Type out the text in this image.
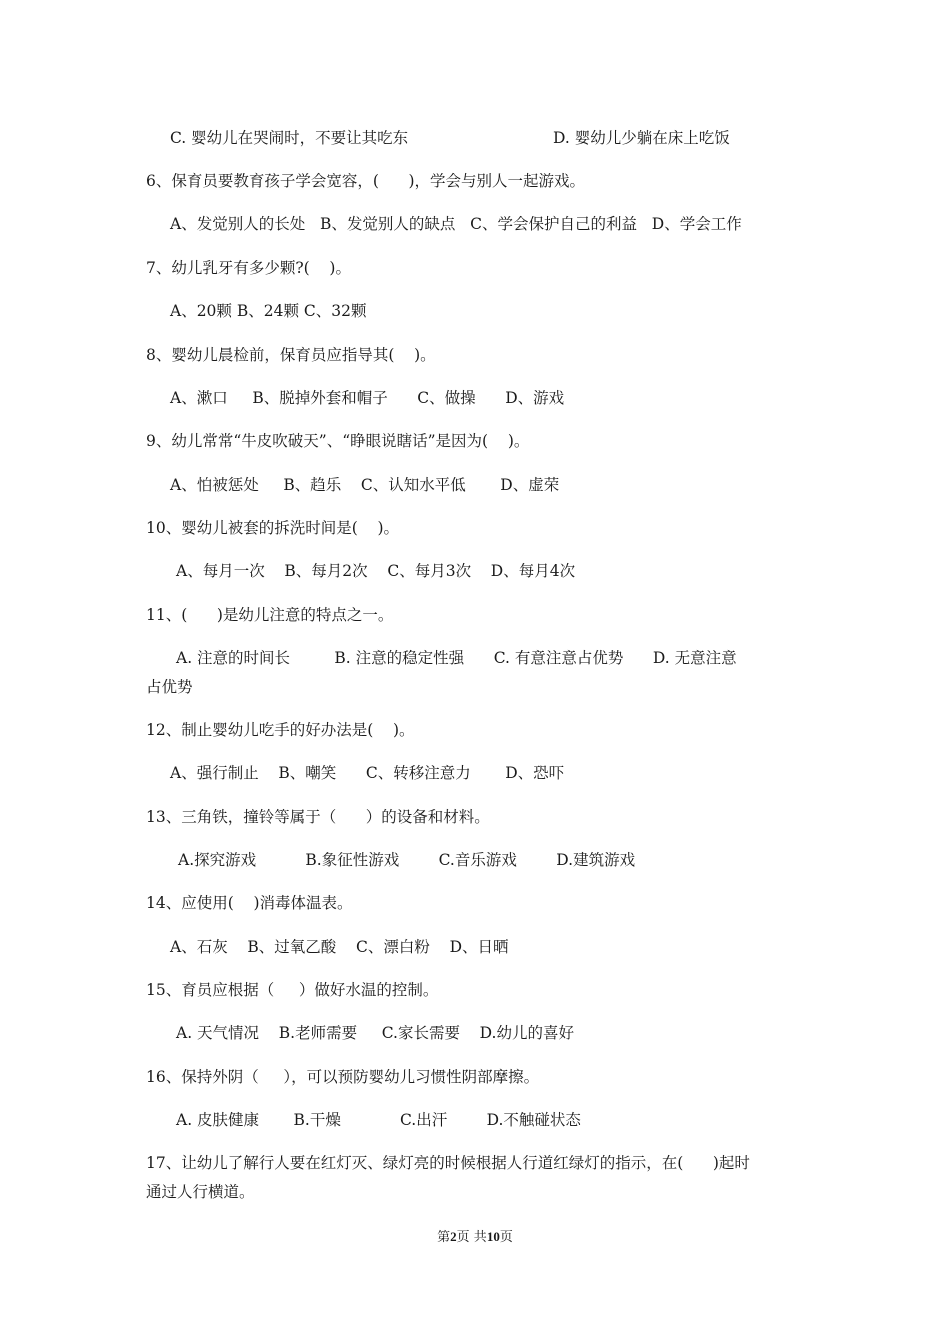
C. 婴幼儿在哭闹时，不要让其吃东	D. 婴幼儿少躺在床上吃饭

6、保育员要教育孩子学会宽容，(      )，学会与别人一起游戏。

A、发觉别人的长处   B、发觉别人的缺点   C、学会保护自己的利益   D、学会工作

7、幼儿乳牙有多少颗?(    )。

A、20颗 B、24颗 C、32颗

8、婴幼儿晨检前，保育员应指导其(    )。

A、漱口     B、脱掉外套和帽子      C、做操      D、游戏

9、幼儿常常“牛皮吹破天”、“睁眼说瞎话”是因为(    )。

A、怕被惩处     B、趋乐    C、认知水平低       D、虚荣

10、婴幼儿被套的拆洗时间是(    )。

A、每月一次    B、每月2次    C、每月3次    D、每月4次

11、(      )是幼儿注意的特点之一。

A. 注意的时间长         B. 注意的稳定性强      C. 有意注意占优势      D. 无意注意

占优势

12、制止婴幼儿吃手的好办法是(    )。

A、强行制止    B、嘲笑      C、转移注意力       D、恐吓

13、三角铁，撞铃等属于（      ）的设备和材料。

A.探究游戏          B.象征性游戏        C.音乐游戏        D.建筑游戏

14、应使用(    )消毒体温表。

A、石灰    B、过氧乙酸    C、漂白粉    D、日晒

15、育员应根据（     ）做好水温的控制。

A. 天气情况    B.老师需要     C.家长需要    D.幼儿的喜好

16、保持外阴（     ），可以预防婴幼儿习惯性阴部摩擦。

A. 皮肤健康       B.干燥            C.出汗        D.不触碰状态

17、让幼儿了解行人要在红灯灭、绿灯亮的时候根据人行道红绿灯的指示，在(      )起时

通过人行横道。

第2页 共10页
